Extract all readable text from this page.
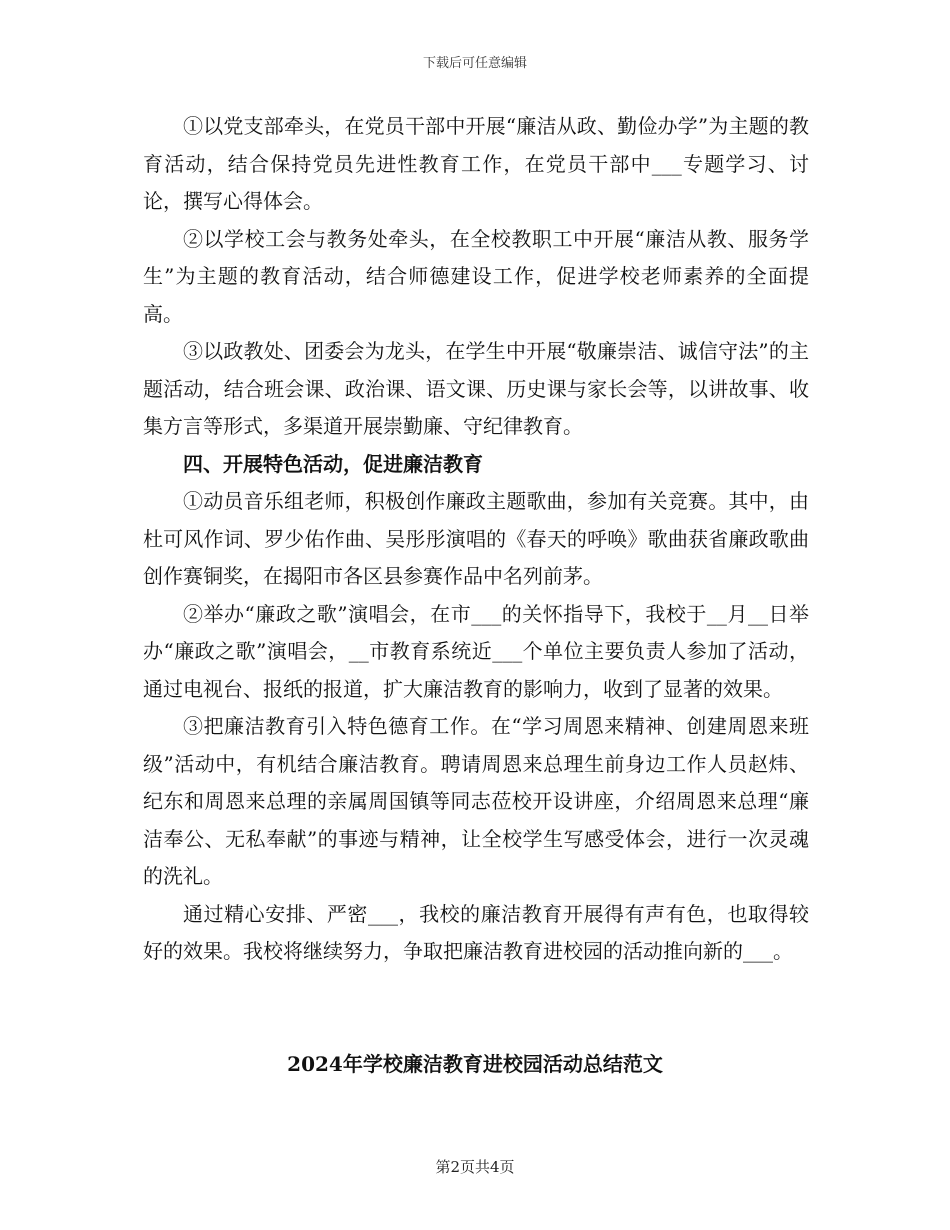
下载后可任意编辑

①以党支部牵头，在党员干部中开展“廉洁从政、勤俭办学”为主题的教育活动，结合保持党员先进性教育工作，在党员干部中___专题学习、讨论，撰写心得体会。

②以学校工会与教务处牵头，在全校教职工中开展“廉洁从教、服务学生”为主题的教育活动，结合师德建设工作，促进学校老师素养的全面提高。

③以政教处、团委会为龙头，在学生中开展“敬廉崇洁、诚信守法”的主题活动，结合班会课、政治课、语文课、历史课与家长会等，以讲故事、收集方言等形式，多渠道开展崇勤廉、守纪律教育。

四、开展特色活动，促进廉洁教育

①动员音乐组老师，积极创作廉政主题歌曲，参加有关竞赛。其中，由杜可风作词、罗少佑作曲、吴彤彤演唱的《春天的呼唤》歌曲获省廉政歌曲创作赛铜奖，在揭阳市各区县参赛作品中名列前茅。

②举办“廉政之歌”演唱会，在市___的关怀指导下，我校于__月__日举办“廉政之歌”演唱会，__市教育系统近___个单位主要负责人参加了活动，通过电视台、报纸的报道，扩大廉洁教育的影响力，收到了显著的效果。

③把廉洁教育引入特色德育工作。在“学习周恩来精神、创建周恩来班级”活动中，有机结合廉洁教育。聘请周恩来总理生前身边工作人员赵炜、纪东和周恩来总理的亲属周国镇等同志莅校开设讲座，介绍周恩来总理“廉洁奉公、无私奉献”的事迹与精神，让全校学生写感受体会，进行一次灵魂的洗礼。

通过精心安排、严密___，我校的廉洁教育开展得有声有色，也取得较好的效果。我校将继续努力，争取把廉洁教育进校园的活动推向新的___。

2024年学校廉洁教育进校园活动总结范文
第2页共4页
